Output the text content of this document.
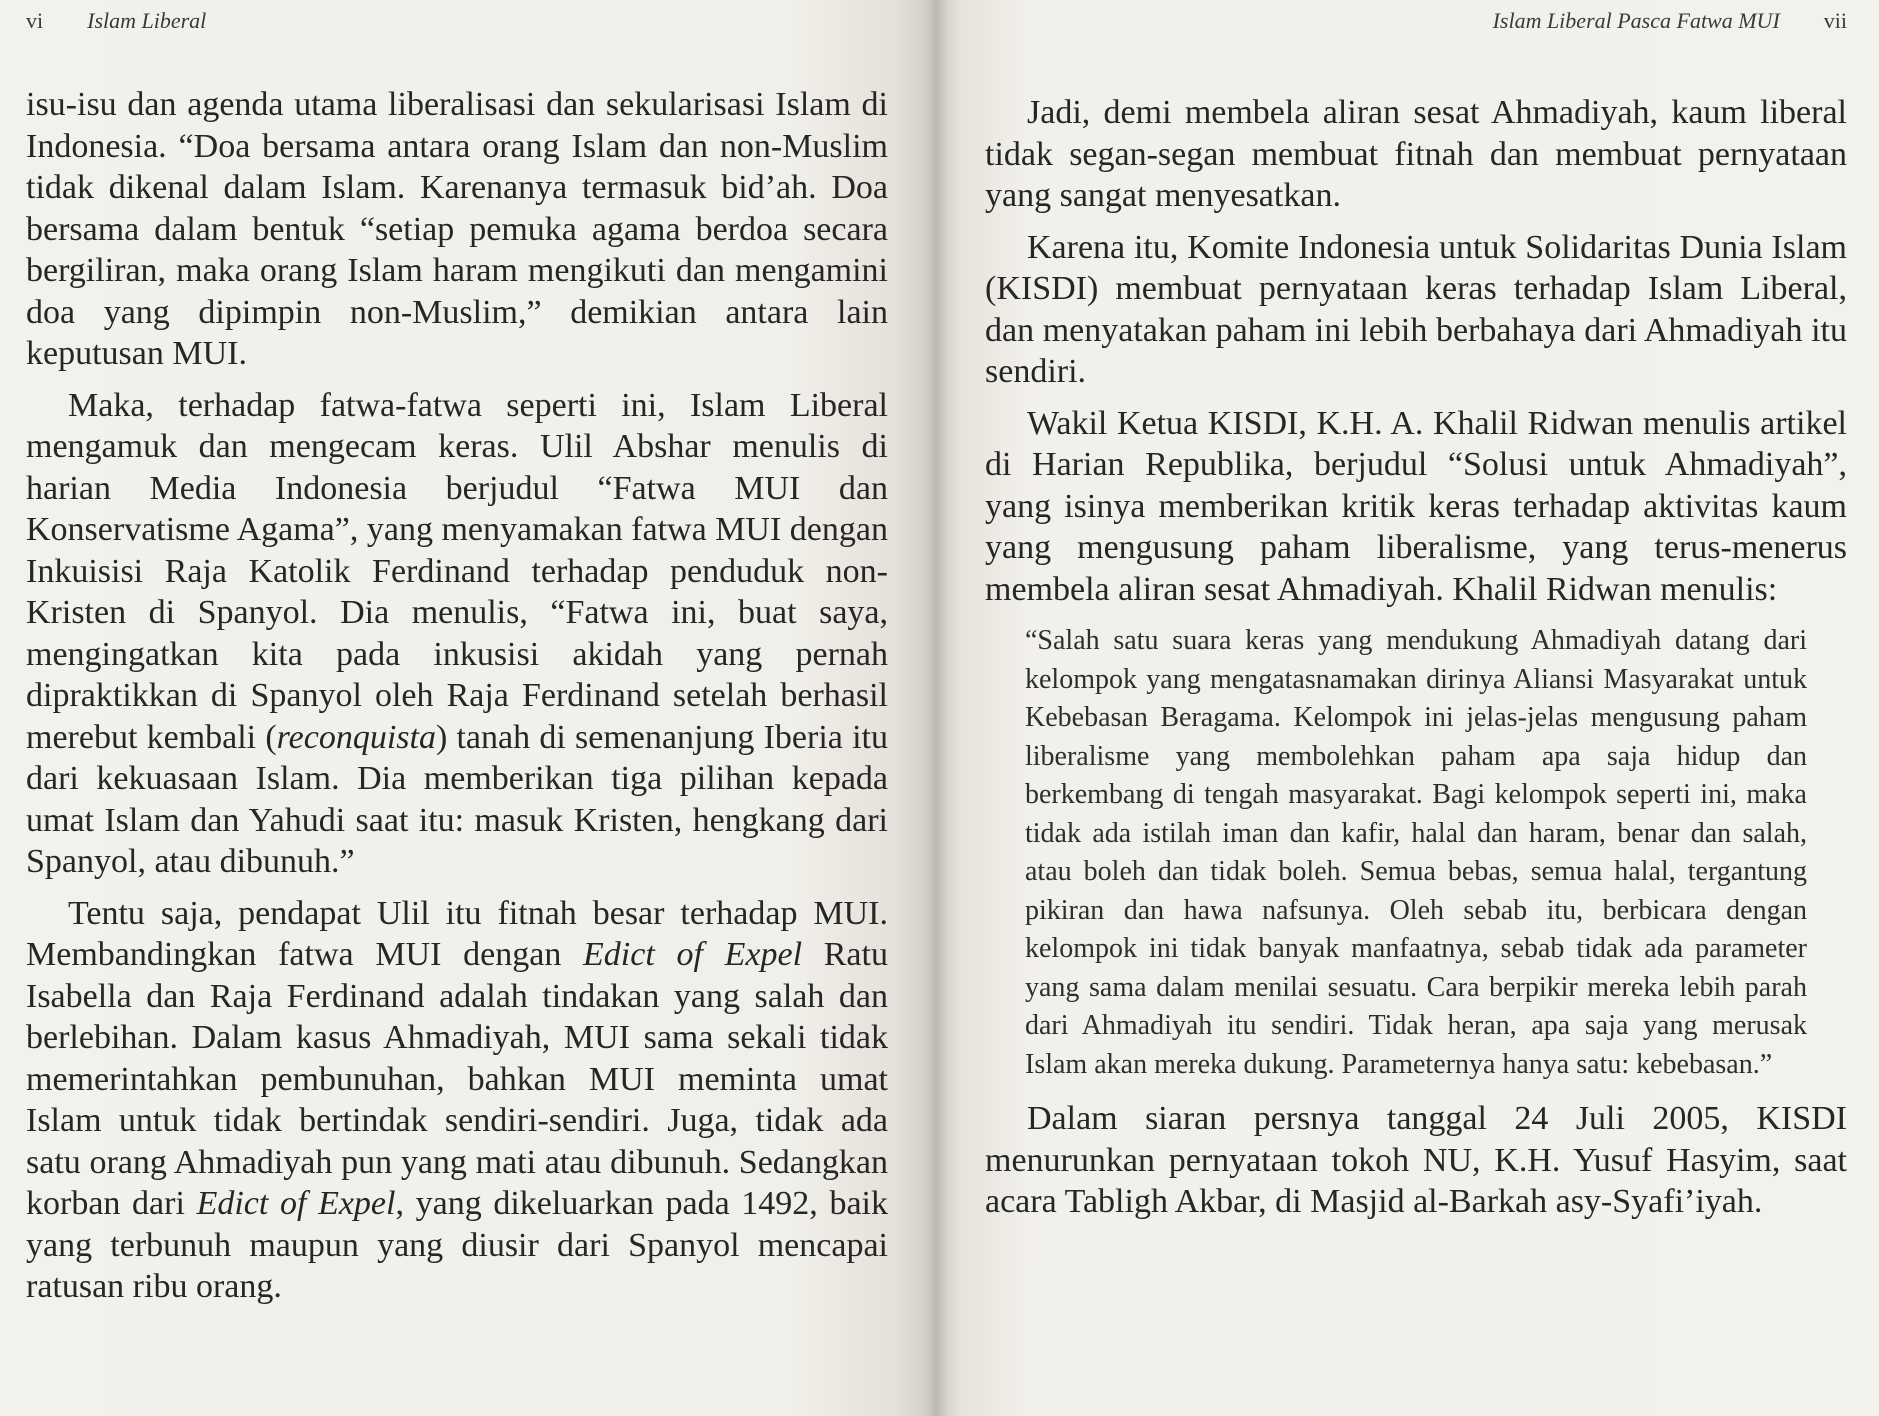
vi Islam Liberal

isu-isu dan agenda utama liberalisasi dan sekularisasi Islam di Indonesia. “Doa bersama antara orang Islam dan non-Muslim tidak dikenal dalam Islam. Karenanya termasuk bid’ah. Doa bersama dalam bentuk “setiap pemuka agama berdoa secara bergiliran, maka orang Islam haram mengikuti dan mengamini doa yang dipimpin non-Muslim,” demikian antara lain keputusan MUI.

Maka, terhadap fatwa-fatwa seperti ini, Islam Liberal mengamuk dan mengecam keras. Ulil Abshar menulis di harian Media Indonesia berjudul “Fatwa MUI dan Konservatisme Agama”, yang menyamakan fatwa MUI dengan Inkuisisi Raja Katolik Ferdinand terhadap penduduk non-Kristen di Spanyol. Dia menulis, “Fatwa ini, buat saya, mengingatkan kita pada inkusisi akidah yang pernah dipraktikkan di Spanyol oleh Raja Ferdinand setelah berhasil merebut kembali (reconquista) tanah di semenanjung Iberia itu dari kekuasaan Islam. Dia memberikan tiga pilihan kepada umat Islam dan Yahudi saat itu: masuk Kristen, hengkang dari Spanyol, atau dibunuh.”

Tentu saja, pendapat Ulil itu fitnah besar terhadap MUI. Membandingkan fatwa MUI dengan Edict of Expel Ratu Isabella dan Raja Ferdinand adalah tindakan yang salah dan berlebihan. Dalam kasus Ahmadiyah, MUI sama sekali tidak memerintahkan pembunuhan, bahkan MUI meminta umat Islam untuk tidak bertindak sendiri-sendiri. Juga, tidak ada satu orang Ahmadiyah pun yang mati atau dibunuh. Sedangkan korban dari Edict of Expel, yang dikeluarkan pada 1492, baik yang terbunuh maupun yang diusir dari Spanyol mencapai ratusan ribu orang.

Islam Liberal Pasca Fatwa MUI vii

Jadi, demi membela aliran sesat Ahmadiyah, kaum liberal tidak segan-segan membuat fitnah dan membuat pernyataan yang sangat menyesatkan.

Karena itu, Komite Indonesia untuk Solidaritas Dunia Islam (KISDI) membuat pernyataan keras terhadap Islam Liberal, dan menyatakan paham ini lebih berbahaya dari Ahmadiyah itu sendiri.

Wakil Ketua KISDI, K.H. A. Khalil Ridwan menulis artikel di Harian Republika, berjudul “Solusi untuk Ahmadiyah”, yang isinya memberikan kritik keras terhadap aktivitas kaum yang mengusung paham liberalisme, yang terus-menerus membela aliran sesat Ahmadiyah. Khalil Ridwan menulis:

“Salah satu suara keras yang mendukung Ahmadiyah datang dari kelompok yang mengatasnamakan dirinya Aliansi Masyarakat untuk Kebebasan Beragama. Kelompok ini jelas-jelas mengusung paham liberalisme yang membolehkan paham apa saja hidup dan berkembang di tengah masyarakat. Bagi kelompok seperti ini, maka tidak ada istilah iman dan kafir, halal dan haram, benar dan salah, atau boleh dan tidak boleh. Semua bebas, semua halal, tergantung pikiran dan hawa nafsunya. Oleh sebab itu, berbicara dengan kelompok ini tidak banyak manfaatnya, sebab tidak ada parameter yang sama dalam menilai sesuatu. Cara berpikir mereka lebih parah dari Ahmadiyah itu sendiri. Tidak heran, apa saja yang merusak Islam akan mereka dukung. Parameternya hanya satu: kebebasan.”

Dalam siaran persnya tanggal 24 Juli 2005, KISDI menurunkan pernyataan tokoh NU, K.H. Yusuf Hasyim, saat acara Tabligh Akbar, di Masjid al-Barkah asy-Syafi’iyah.
